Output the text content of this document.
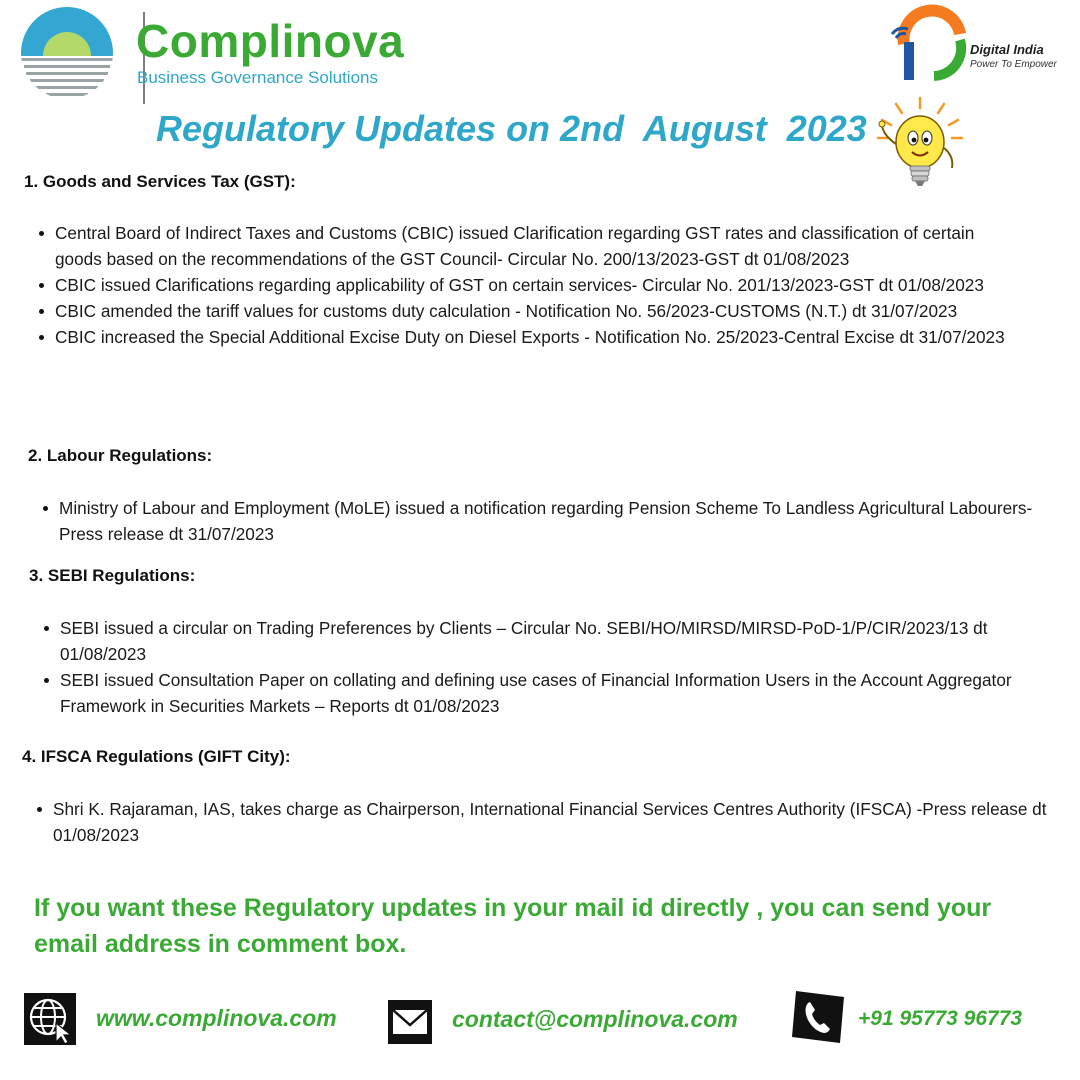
Complinova
Business Governance Solutions
Digital India
Power To Empower
Regulatory Updates on 2nd  August  2023
1. Goods and Services Tax (GST):
Central Board of Indirect Taxes and Customs (CBIC) issued Clarification regarding GST rates and classification of certain goods based on the recommendations of the GST Council- Circular No. 200/13/2023-GST dt 01/08/2023
CBIC issued Clarifications regarding applicability of GST on certain services- Circular No. 201/13/2023-GST dt 01/08/2023
CBIC amended the tariff values for customs duty calculation - Notification No. 56/2023-CUSTOMS (N.T.) dt 31/07/2023
CBIC increased the Special Additional Excise Duty on Diesel Exports - Notification No. 25/2023-Central Excise dt 31/07/2023
2. Labour Regulations:
Ministry of Labour and Employment (MoLE) issued a notification regarding Pension Scheme To Landless Agricultural Labourers- Press release dt 31/07/2023
3. SEBI Regulations:
SEBI issued a circular on Trading Preferences by Clients – Circular No. SEBI/HO/MIRSD/MIRSD-PoD-1/P/CIR/2023/13 dt 01/08/2023
SEBI issued Consultation Paper on collating and defining use cases of Financial Information Users in the Account Aggregator Framework in Securities Markets – Reports dt 01/08/2023
4. IFSCA Regulations (GIFT City):
Shri K. Rajaraman, IAS, takes charge as Chairperson, International Financial Services Centres Authority (IFSCA) -Press release dt 01/08/2023
If you want these Regulatory updates in your mail id directly , you can send your email address in comment box.
www.complinova.com	contact@complinova.com	+91 95773 96773
